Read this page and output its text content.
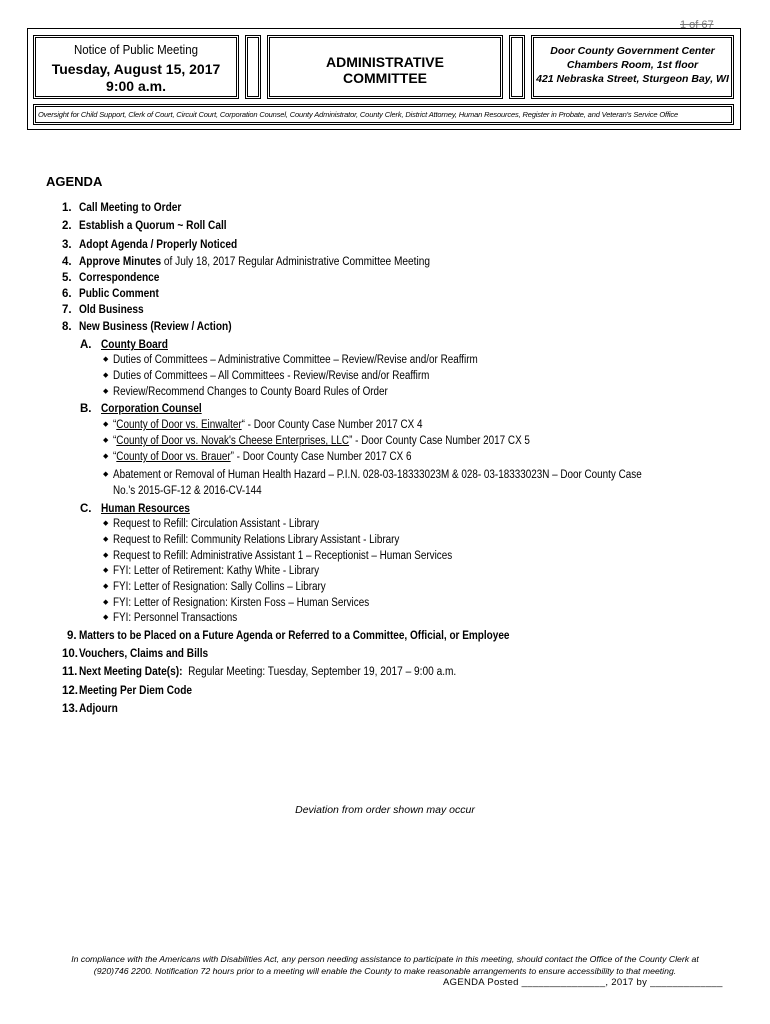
1 of 67
Notice of Public Meeting
Tuesday, August 15, 2017
9:00 a.m.
ADMINISTRATIVE
COMMITTEE
Door County Government Center
Chambers Room, 1st floor
421 Nebraska Street, Sturgeon Bay, WI
Oversight for Child Support, Clerk of Court, Circuit Court, Corporation Counsel, County Administrator, County Clerk, District Attorney, Human Resources, Register in Probate, and Veteran's Service Office
AGENDA
1. Call Meeting to Order
2. Establish a Quorum ~ Roll Call
3. Adopt Agenda / Properly Noticed
4. Approve Minutes of July 18, 2017 Regular Administrative Committee Meeting
5. Correspondence
6. Public Comment
7. Old Business
8. New Business (Review / Action)
A. County Board
◆ Duties of Committees – Administrative Committee – Review/Revise and/or Reaffirm
◆ Duties of Committees – All Committees - Review/Revise and/or Reaffirm
◆ Review/Recommend Changes to County Board Rules of Order
B. Corporation Counsel
◆ “County of Door vs. Einwalter“ - Door County Case Number 2017 CX 4
◆ “County of Door vs. Novak's Cheese Enterprises, LLC” - Door County Case Number 2017 CX 5
◆ “County of Door vs. Brauer” - Door County Case Number 2017 CX 6
◆ Abatement or Removal of Human Health Hazard – P.I.N. 028-03-18333023M & 028- 03-18333023N – Door County Case
No.'s 2015-GF-12 & 2016-CV-144
C. Human Resources
◆ Request to Refill: Circulation Assistant - Library
◆ Request to Refill: Community Relations Library Assistant - Library
◆ Request to Refill: Administrative Assistant 1 – Receptionist – Human Services
◆ FYI: Letter of Retirement: Kathy White - Library
◆ FYI: Letter of Resignation: Sally Collins – Library
◆ FYI: Letter of Resignation: Kirsten Foss – Human Services
◆ FYI: Personnel Transactions
9. Matters to be Placed on a Future Agenda or Referred to a Committee, Official, or Employee
10.Vouchers, Claims and Bills
11. Next Meeting Date(s):  Regular Meeting: Tuesday, September 19, 2017 – 9:00 a.m.
12.Meeting Per Diem Code
13.Adjourn
Deviation from order shown may occur
In compliance with the Americans with Disabilities Act, any person needing assistance to participate in this meeting, should contact the Office of the County Clerk at
(920)746 2200. Notification 72 hours prior to a meeting will enable the County to make reasonable arrangements to ensure accessibility to that meeting.
AGENDA Posted _______________, 2017 by _____________
